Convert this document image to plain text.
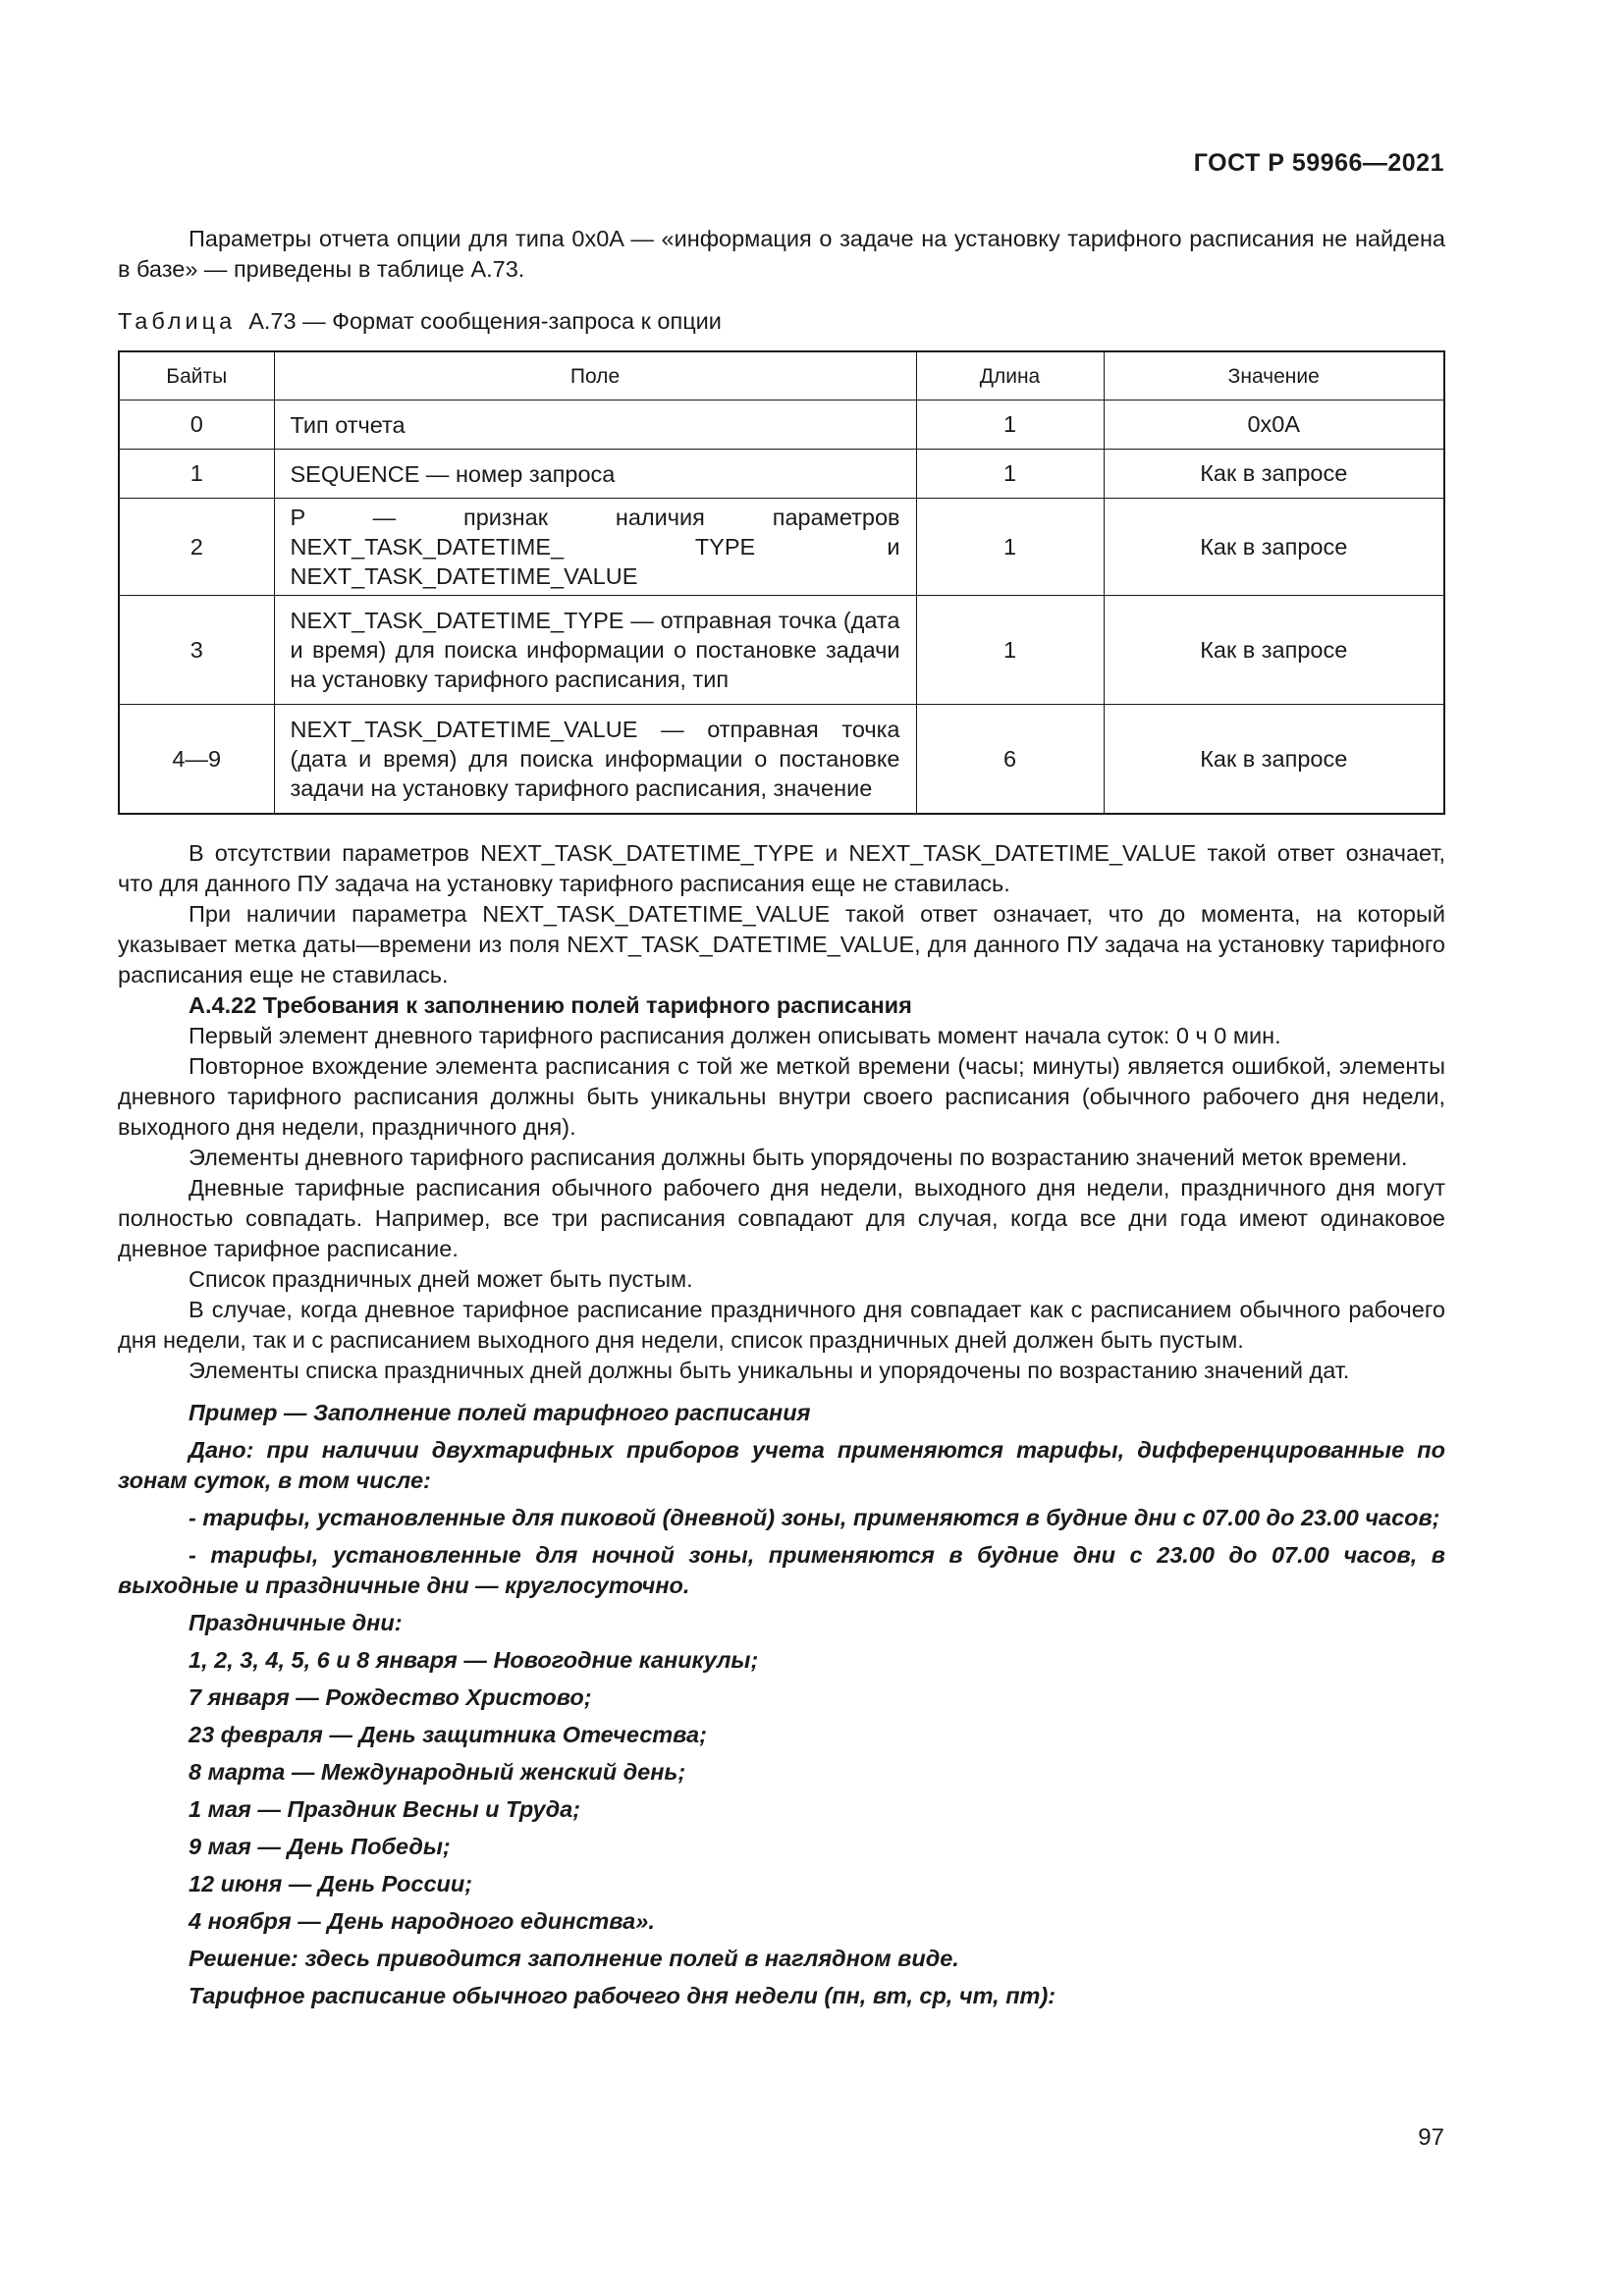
ГОСТ Р 59966—2021

Параметры отчета опции для типа 0x0A — «информация о задаче на установку тарифного расписания не найдена в базе» — приведены в таблице А.73.

Таблица А.73 — Формат сообщения-запроса к опции
Байты	Поле	Длина	Значение
0	Тип отчета	1	0x0A
1	SEQUENCE — номер запроса	1	Как в запросе
2	P — признак наличия параметров NEXT_TASK_DATETIME_ TYPE и NEXT_TASK_DATETIME_VALUE	1	Как в запросе
3	NEXT_TASK_DATETIME_TYPE — отправная точка (дата и время) для поиска информации о постановке задачи на установку тарифного расписания, тип	1	Как в запросе
4—9	NEXT_TASK_DATETIME_VALUE — отправная точка (дата и время) для поиска информации о постановке задачи на установку тарифного расписания, значение	6	Как в запросе

В отсутствии параметров NEXT_TASK_DATETIME_TYPE и NEXT_TASK_DATETIME_VALUE такой ответ означает, что для данного ПУ задача на установку тарифного расписания еще не ставилась.

При наличии параметра NEXT_TASK_DATETIME_VALUE такой ответ означает, что до момента, на который указывает метка даты—времени из поля NEXT_TASK_DATETIME_VALUE, для данного ПУ задача на установку тарифного расписания еще не ставилась.

А.4.22 Требования к заполнению полей тарифного расписания

Первый элемент дневного тарифного расписания должен описывать момент начала суток: 0 ч 0 мин.

Повторное вхождение элемента расписания с той же меткой времени (часы; минуты) является ошибкой, элементы дневного тарифного расписания должны быть уникальны внутри своего расписания (обычного рабочего дня недели, выходного дня недели, праздничного дня).

Элементы дневного тарифного расписания должны быть упорядочены по возрастанию значений меток времени.

Дневные тарифные расписания обычного рабочего дня недели, выходного дня недели, праздничного дня могут полностью совпадать. Например, все три расписания совпадают для случая, когда все дни года имеют одинаковое дневное тарифное расписание.

Список праздничных дней может быть пустым.

В случае, когда дневное тарифное расписание праздничного дня совпадает как с расписанием обычного рабочего дня недели, так и с расписанием выходного дня недели, список праздничных дней должен быть пустым.

Элементы списка праздничных дней должны быть уникальны и упорядочены по возрастанию значений дат.

Пример — Заполнение полей тарифного расписания

Дано: при наличии двухтарифных приборов учета применяются тарифы, дифференцированные по зонам суток, в том числе:

- тарифы, установленные для пиковой (дневной) зоны, применяются в будние дни с 07.00 до 23.00 часов;

- тарифы, установленные для ночной зоны, применяются в будние дни с 23.00 до 07.00 часов, в выходные и праздничные дни — круглосуточно.

Праздничные дни:

1, 2, 3, 4, 5, 6 и 8 января — Новогодние каникулы;

7 января — Рождество Христово;

23 февраля — День защитника Отечества;

8 марта — Международный женский день;

1 мая — Праздник Весны и Труда;

9 мая — День Победы;

12 июня — День России;

4 ноября — День народного единства».

Решение: здесь приводится заполнение полей в наглядном виде.

Тарифное расписание обычного рабочего дня недели (пн, вт, ср, чт, пт):

97
